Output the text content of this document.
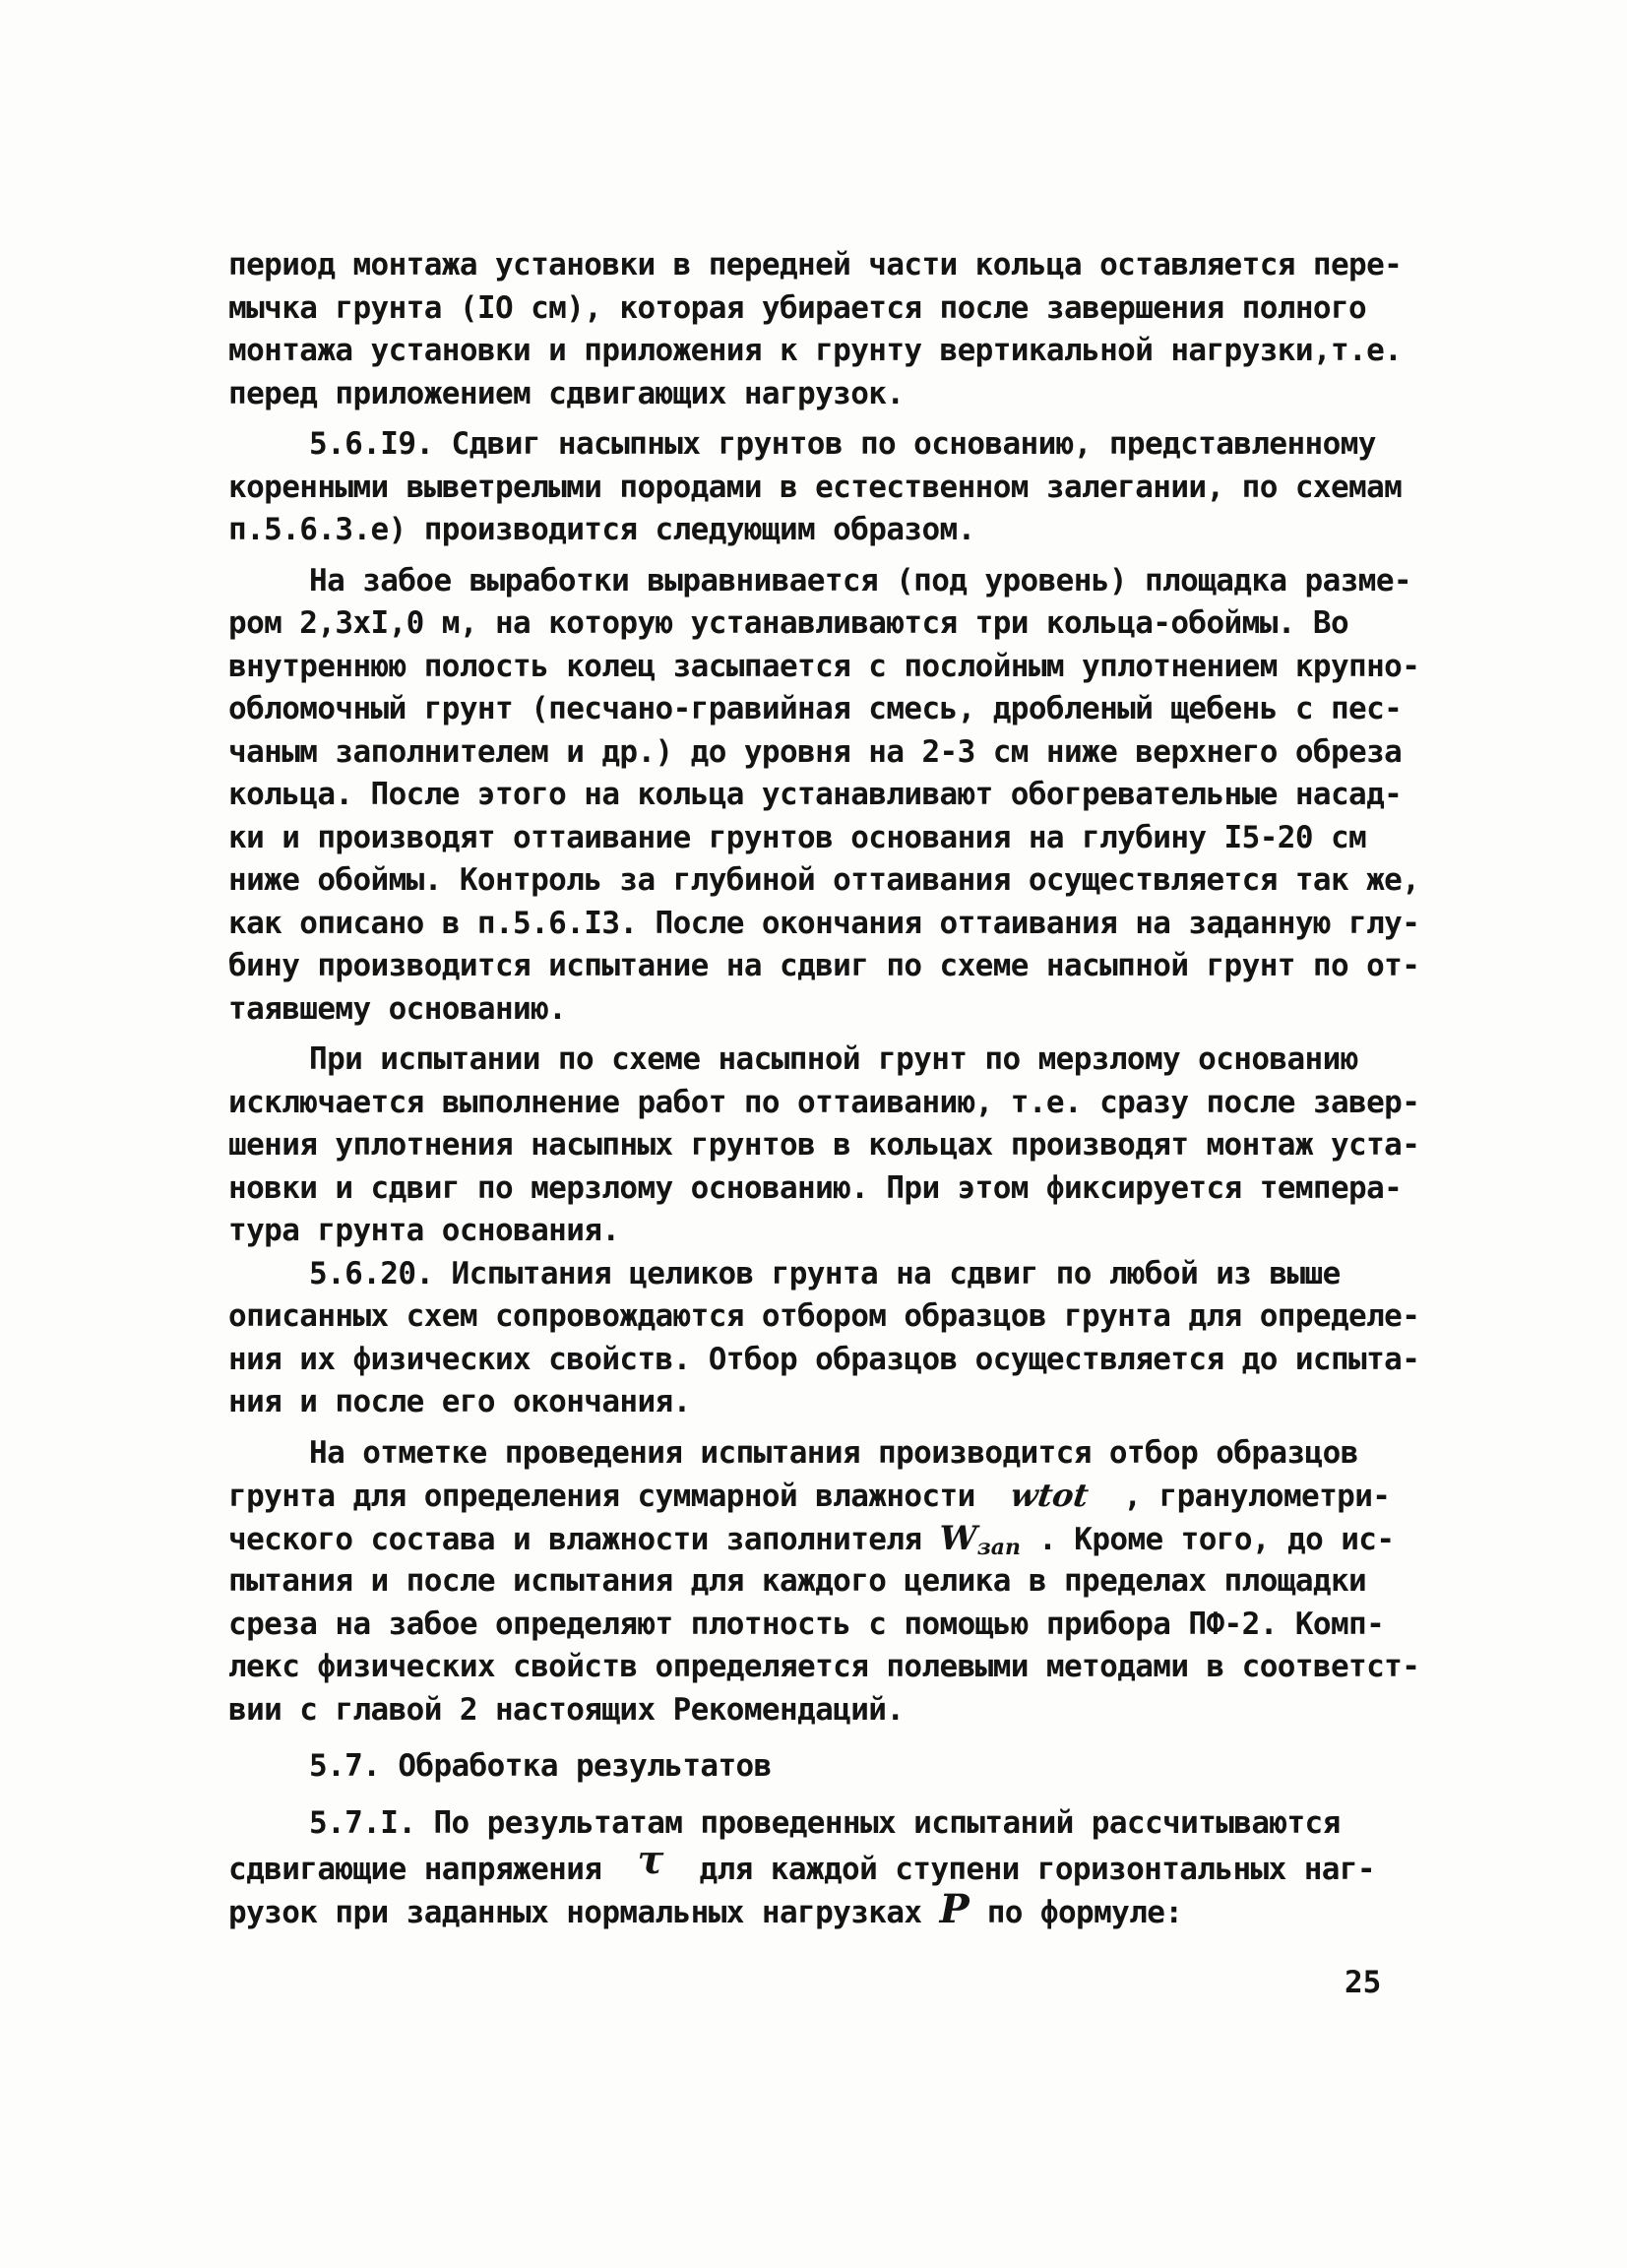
период монтажа установки в передней части кольца оставляется пере-
мычка грунта (IO см), которая убирается после завершения полного
монтажа установки и приложения к грунту вертикальной нагрузки,т.е.
перед приложением сдвигающих нагрузок.
5.6.I9. Сдвиг насыпных грунтов по основанию, представленному
коренными выветрелыми породами в естественном залегании, по схемам
п.5.6.3.е) производится следующим образом.
На забое выработки выравнивается (под уровень) площадка разме-
ром 2,3хI,0 м, на которую устанавливаются три кольца-обоймы. Во
внутреннюю полость колец засыпается с послойным уплотнением крупно-
обломочный грунт (песчано-гравийная смесь, дробленый щебень с пес-
чаным заполнителем и др.) до уровня на 2-3 см ниже верхнего обреза
кольца. После этого на кольца устанавливают обогревательные насад-
ки и производят оттаивание грунтов основания на глубину I5-20 см
ниже обоймы. Контроль за глубиной оттаивания осуществляется так же,
как описано в п.5.6.I3. После окончания оттаивания на заданную глу-
бину производится испытание на сдвиг по схеме насыпной грунт по от-
таявшему основанию.
При испытании по схеме насыпной грунт по мерзлому основанию
исключается выполнение работ по оттаиванию, т.е. сразу после завер-
шения уплотнения насыпных грунтов в кольцах производят монтаж уста-
новки и сдвиг по мерзлому основанию. При этом фиксируется темпера-
тура грунта основания.
5.6.20. Испытания целиков грунта на сдвиг по любой из выше
описанных схем сопровождаются отбором образцов грунта для определе-
ния их физических свойств. Отбор образцов осуществляется до испыта-
ния и после его окончания.
На отметке проведения испытания производится отбор образцов
грунта для определения суммарной влажности wtot , гранулометри-
ческого состава и влажности заполнителя $W_{зап}$ . Кроме того, до ис-
пытания и после испытания для каждого целика в пределах площадки
среза на забое определяют плотность с помощью прибора ПФ-2. Комп-
лекс физических свойств определяется полевыми методами в соответст-
вии с главой 2 настоящих Рекомендаций.
5.7. Обработка результатов
5.7.I. По результатам проведенных испытаний рассчитываются
сдвигающие напряжения τ для каждой ступени горизонтальных наг-
рузок при заданных нормальных нагрузках P по формуле:
25
